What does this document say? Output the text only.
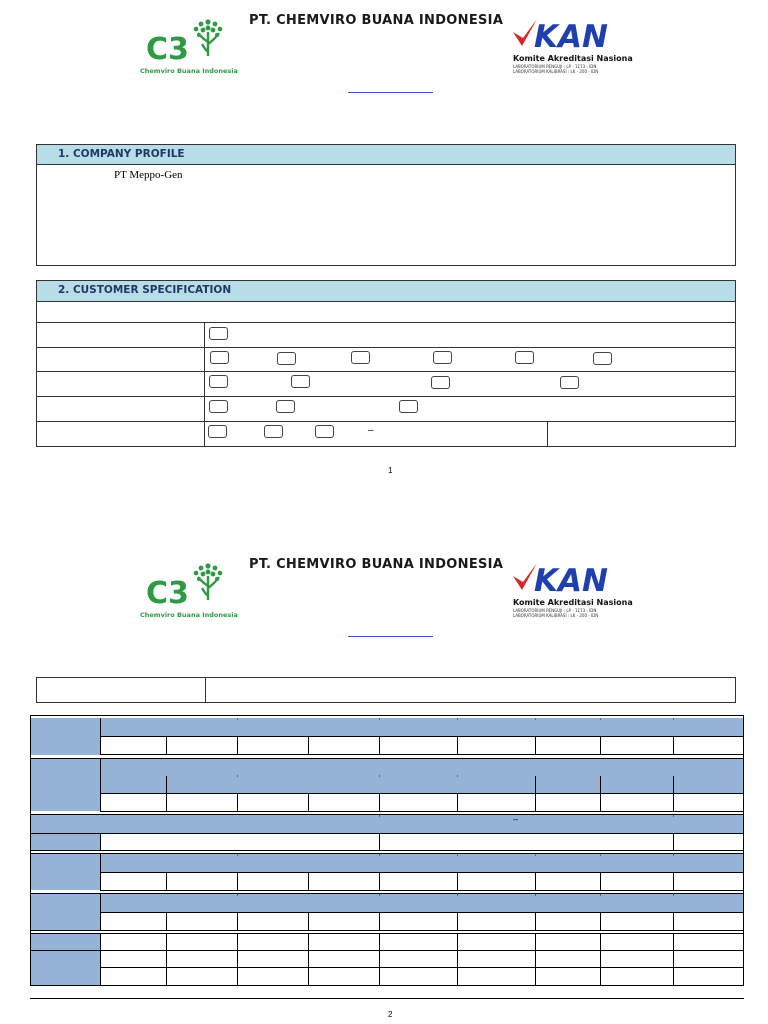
C3
Chemviro Buana Indonesia
PT. CHEMVIRO BUANA INDONESIA KAN
Komite Akreditasi Nasiona
LABORATORIUM PENGUJI : LP - 1173 - IDN
LABORATORIUM KALIBRASI : LK - 200 - IDN
1. COMPANY PROFILE
PT Meppo-Gen
2. CUSTOMER SPECIFICATION
–
1
C3
Chemviro Buana Indonesia
PT. CHEMVIRO BUANA INDONESIA KAN
Komite Akreditasi Nasiona
LABORATORIUM PENGUJI : LP - 1173 - IDN
LABORATORIUM KALIBRASI : LK - 200 - IDN
–
2
